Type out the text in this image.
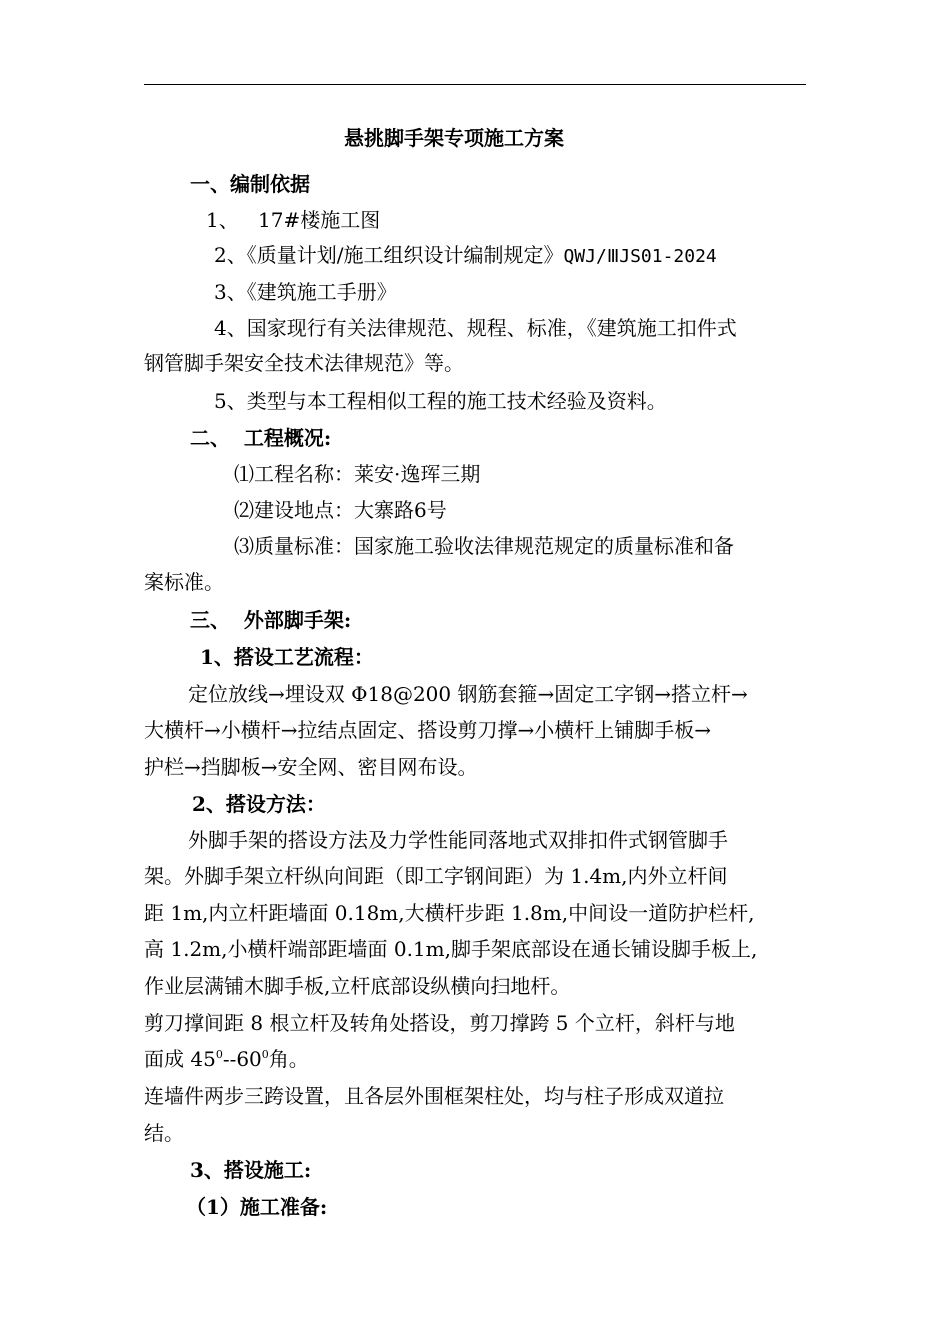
悬挑脚手架专项施工方案
一、编制依据
1、 17#楼施工图
2、《质量计划/施工组织设计编制规定》QWJ/ⅢJS01-2024
3、《建筑施工手册》
4、国家现行有关法律规范、规程、标准，《建筑施工扣件式
钢管脚手架安全技术法律规范》等。
5、类型与本工程相似工程的施工技术经验及资料。
二、  工程概况:
⑴工程名称：莱安·逸珲三期
⑵建设地点：大寨路6号
⑶质量标准：国家施工验收法律规范规定的质量标准和备
案标准。
三、  外部脚手架:
1、搭设工艺流程：
定位放线→埋设双 Φ18@200 钢筋套箍→固定工字钢→搭立杆→
大横杆→小横杆→拉结点固定、搭设剪刀撑→小横杆上铺脚手板→
护栏→挡脚板→安全网、密目网布设。
2、搭设方法：
外脚手架的搭设方法及力学性能同落地式双排扣件式钢管脚手
架。外脚手架立杆纵向间距（即工字钢间距）为 1.4m,内外立杆间
距 1m,内立杆距墙面 0.18m,大横杆步距 1.8m,中间设一道防护栏杆,
高 1.2m,小横杆端部距墙面 0.1m,脚手架底部设在通长铺设脚手板上,
作业层满铺木脚手板,立杆底部设纵横向扫地杆。
剪刀撑间距 8 根立杆及转角处搭设，剪刀撑跨 5 个立杆，斜杆与地
面成 $45^0--60^0$角。
连墙件两步三跨设置，且各层外围框架柱处，均与柱子形成双道拉
结。
3、搭设施工:
（1）施工准备:
